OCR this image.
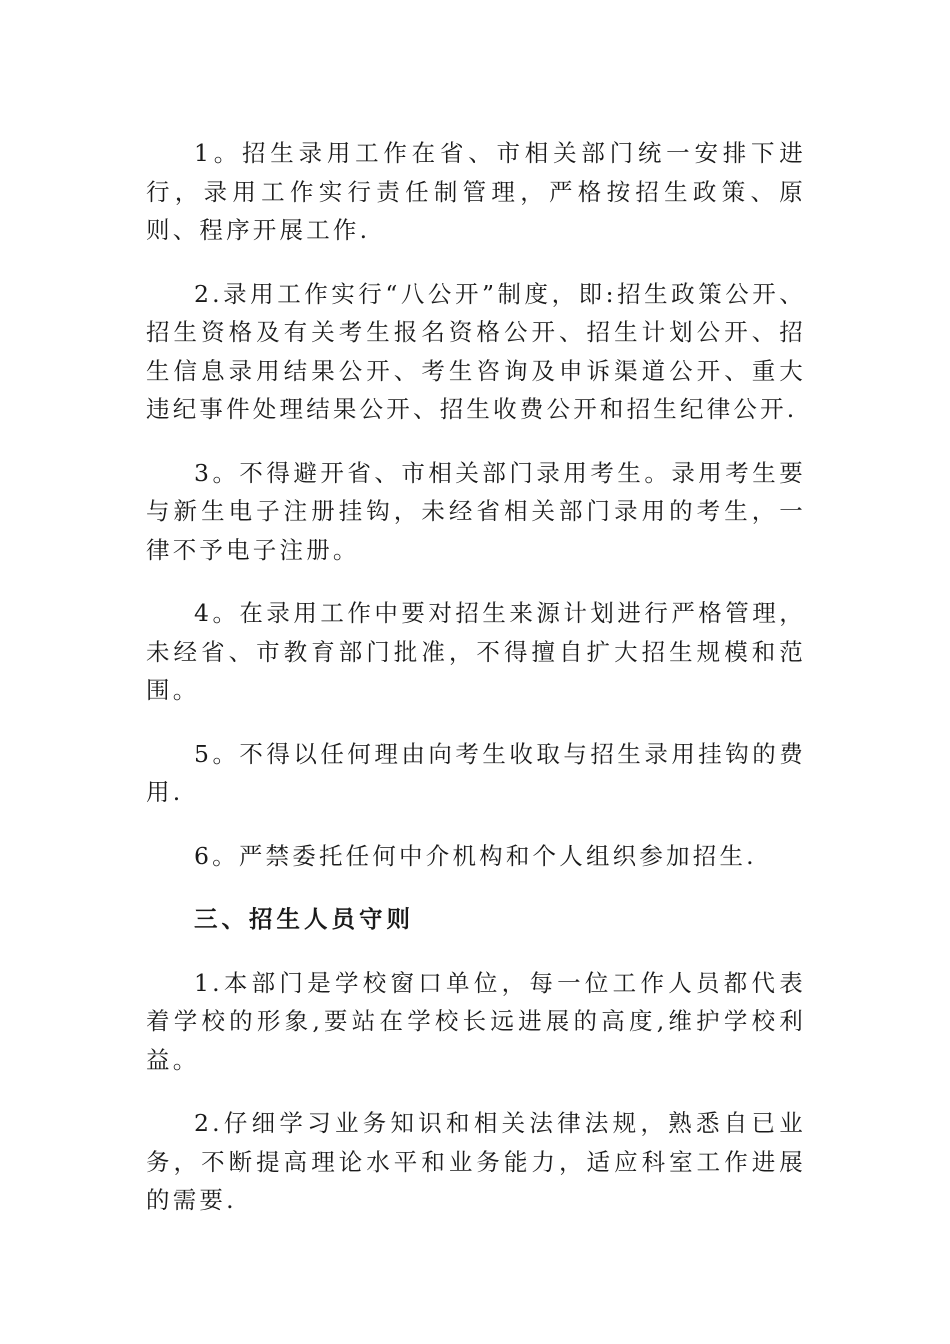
1。招生录用工作在省、市相关部门统一安排下进行，录用工作实行责任制管理，严格按招生政策、原则、程序开展工作.

2.录用工作实行“八公开”制度，即:招生政策公开、招生资格及有关考生报名资格公开、招生计划公开、招生信息录用结果公开、考生咨询及申诉渠道公开、重大违纪事件处理结果公开、招生收费公开和招生纪律公开.

3。不得避开省、市相关部门录用考生。录用考生要与新生电子注册挂钩，未经省相关部门录用的考生，一律不予电子注册。

4。在录用工作中要对招生来源计划进行严格管理，未经省、市教育部门批准，不得擅自扩大招生规模和范围。

5。不得以任何理由向考生收取与招生录用挂钩的费用.

6。严禁委托任何中介机构和个人组织参加招生.

三、招生人员守则

1.本部门是学校窗口单位，每一位工作人员都代表着学校的形象,要站在学校长远进展的高度,维护学校利益。

2.仔细学习业务知识和相关法律法规，熟悉自已业务，不断提高理论水平和业务能力，适应科室工作进展的需要.
